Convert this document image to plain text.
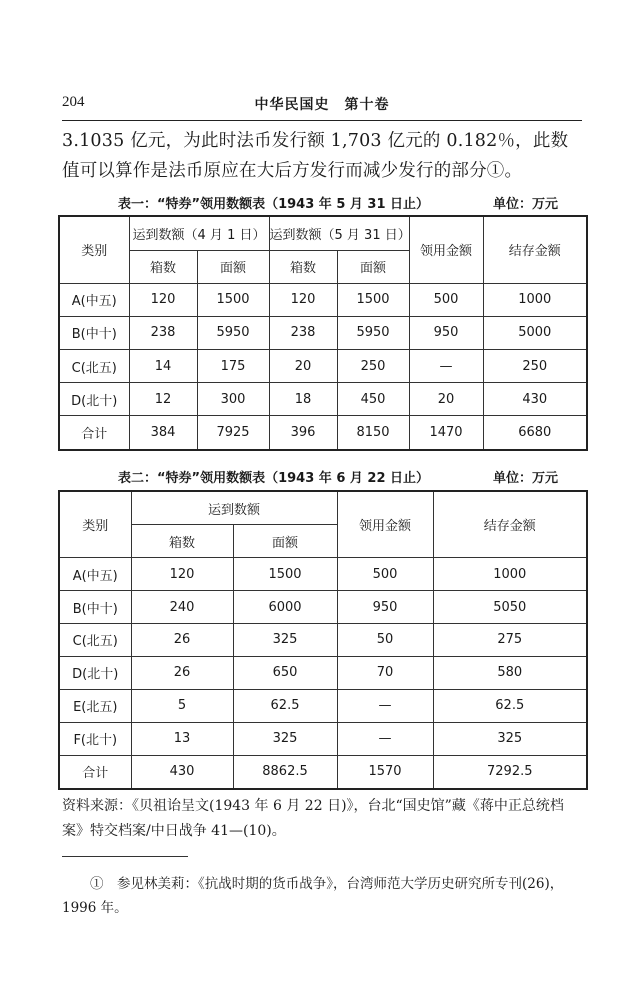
204	中华民国史　第十卷

3.1035 亿元，为此时法币发行额 1,703 亿元的 0.182％，此数值可以算作是法币原应在大后方发行而减少发行的部分①。

表一：“特券”领用数额表（1943 年 5 月 31 日止）	单位：万元
类别	运到数额（4 月 1 日）		运到数额（5 月 31 日）		领用金额	结存金额
	箱数	面额	箱数	面额		
A(中五)	120	1500	120	1500	500	1000
B(中十)	238	5950	238	5950	950	5000
C(北五)	14	175	20	250	—	250
D(北十)	12	300	18	450	20	430
合计	384	7925	396	8150	1470	6680
表二：“特券”领用数额表（1943 年 6 月 22 日止）	单位：万元
类别	运到数额		领用金额	结存金额
	箱数	面额		
A(中五)	120	1500	500	1000
B(中十)	240	6000	950	5050
C(北五)	26	325	50	275
D(北十)	26	650	70	580
E(北五)	5	62.5	—	62.5
F(北十)	13	325	—	325
合计	430	8862.5	1570	7292.5

资料来源：《贝祖诒呈文(1943 年 6 月 22 日)》，台北“国史馆”藏《蒋中正总统档案》特交档案/中日战争 41—(10)。

①　参见林美莉：《抗战时期的货币战争》，台湾师范大学历史研究所专刊(26)，1996 年。
